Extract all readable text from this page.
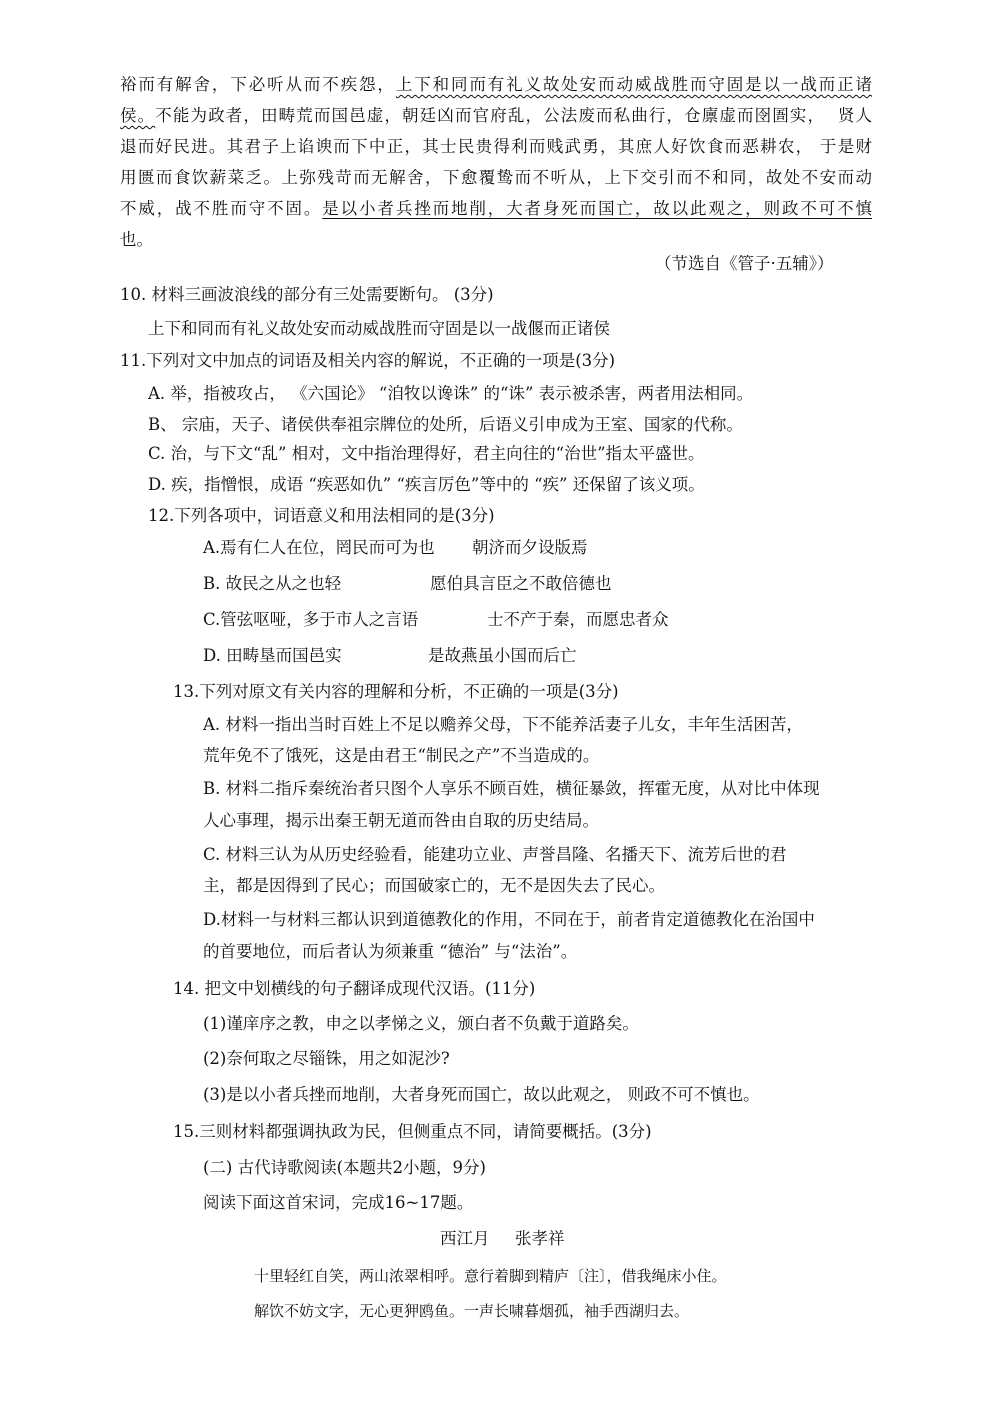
裕而有解舍，下必听从而不疾怨，上下和同而有礼义故处安而动威战胜而守固是以一战而正诸
侯。不能为政者，田畴荒而国邑虚，朝廷凶而官府乱，公法废而私曲行，仓廪虚而囹圄实，  贤人
退而好民进。其君子上谄谀而下中正，其士民贵得利而贱武勇，其庶人好饮食而恶耕农， 于是财
用匮而食饮薪菜乏。上弥残苛而无解舍，下愈覆鸷而不听从，上下交引而不和同，故处不安而动
不威，战不胜而守不固。是以小者兵挫而地削，大者身死而国亡，故以此观之，则政不可不慎
也。
（节选自《管子·五辅》）
10. 材料三画波浪线的部分有三处需要断句。 (3分)
上下和同而有礼义故处安而动威战胜而守固是以一战偃而正诸侯
11.下列对文中加点的词语及相关内容的解说，不正确的一项是(3分)
A. 举，指被攻占， 《六国论》 “洎牧以谗诛” 的“诛” 表示被杀害，两者用法相同。
B、 宗庙，天子、诸侯供奉祖宗牌位的处所，后语义引申成为王室、国家的代称。
C. 治，与下文“乱” 相对，文中指治理得好，君主向往的“治世”指太平盛世。
D. 疾，指憎恨，成语 “疾恶如仇” “疾言厉色”等中的 “疾” 还保留了该义项。
12.下列各项中，词语意义和用法相同的是(3分)
A.焉有仁人在位，罔民而可为也 朝济而夕设版焉
B. 故民之从之也轻	愿伯具言臣之不敢倍德也
C.管弦呕哑，多于市人之言语	士不产于秦，而愿忠者众
D. 田畴垦而国邑实	是故燕虽小国而后亡
13.下列对原文有关内容的理解和分析，不正确的一项是(3分)
A. 材料一指出当时百姓上不足以赡养父母，下不能养活妻子儿女，丰年生活困苦，
荒年免不了饿死，这是由君王“制民之产”不当造成的。
B. 材料二指斥秦统治者只图个人享乐不顾百姓，横征暴敛，挥霍无度，从对比中体现
人心事理，揭示出秦王朝无道而咎由自取的历史结局。
C. 材料三认为从历史经验看，能建功立业、声誉昌隆、名播天下、流芳后世的君
主，都是因得到了民心；而国破家亡的，无不是因失去了民心。
D.材料一与材料三都认识到道德教化的作用，不同在于，前者肯定道德教化在治国中
的首要地位，而后者认为须兼重 “德治” 与“法治”。
14. 把文中划横线的句子翻译成现代汉语。(11分)
(1)谨庠序之教，申之以孝悌之义，颁白者不负戴于道路矣。
(2)奈何取之尽锱铢，用之如泥沙?
(3)是以小者兵挫而地削，大者身死而国亡，故以此观之， 则政不可不慎也。
15.三则材料都强调执政为民，但侧重点不同，请简要概括。(3分)
(二) 古代诗歌阅读(本题共2小题，9分)
阅读下面这首宋词，完成16~17题。
西江月 张孝祥
十里轻红自笑，两山浓翠相呼。意行着脚到精庐〔注〕，借我绳床小住。
解饮不妨文字，无心更狎鸥鱼。一声长啸暮烟孤，袖手西湖归去。
